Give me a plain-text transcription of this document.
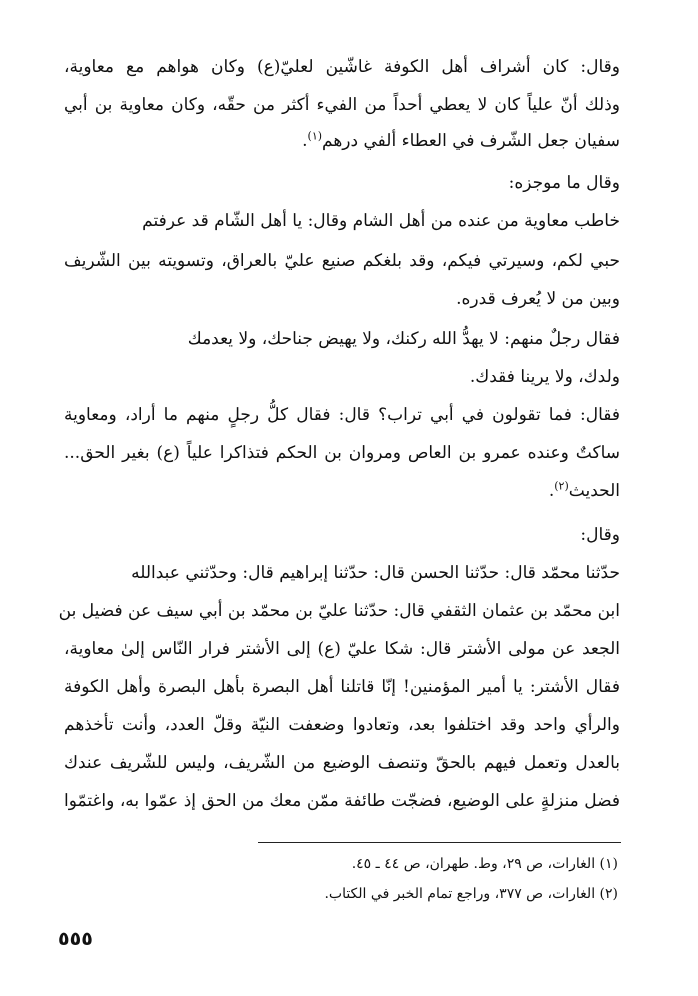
وقال: كان أشراف أهل الكوفة غاشّين لعليّ(ع) وكان هواهم مع معاوية،
وذلك أنّ علياً كان لا يعطي أحداً من الفيء أكثر من حقّه، وكان معاوية بن أبي
سفيان جعل الشّرف في العطاء ألفي درهم$^{(١)}$.
وقال ما موجزه:
خاطب معاوية من عنده من أهل الشام وقال: يا أهل الشّام قد عرفتم
حبي لكم، وسيرتي فيكم، وقد بلغكم صنيع عليّ بالعراق، وتسويته بين الشّريف
وبين من لا يُعرف قدره.
فقال رجلٌ منهم: لا يهدُّ الله ركنك، ولا يهيض جناحك، ولا يعدمك
ولدك، ولا يرينا فقدك.
فقال: فما تقولون في أبي تراب؟ قال: فقال كلُّ رجلٍ منهم ما أراد، ومعاوية
ساكتٌ وعنده عمرو بن العاص ومروان بن الحكم فتذاكرا علياً (ع) بغير الحق...
الحديث$^{(٢)}$.
وقال:
حدّثنا محمّد قال: حدّثنا الحسن قال: حدّثنا إبراهيم قال: وحدّثني عبدالله
ابن محمّد بن عثمان الثقفي قال: حدّثنا عليّ بن محمّد بن أبي سيف عن فضيل بن
الجعد عن مولى الأشتر قال: شكا عليّ (ع) إلى الأشتر فرار النّاس إلىٰ معاوية،
فقال الأشتر: يا أمير المؤمنين! إنّا قاتلنا أهل البصرة بأهل البصرة وأهل الكوفة
والرأي واحد وقد اختلفوا بعد، وتعادوا وضعفت النيّة وقلّ العدد، وأنت تأخذهم
بالعدل وتعمل فيهم بالحقّ وتنصف الوضيع من الشّريف، وليس للشّريف عندك
فضل منزلةٍ على الوضيع، فضجّت طائفة ممّن معك من الحق إذ عمّوا به، واغتمّوا
(١) الغارات، ص ٢٩، وط. طهران، ص ٤٤ ـ ٤٥.
(٢) الغارات، ص ٣٧٧، وراجع تمام الخبر في الكتاب.
٥٥٥
